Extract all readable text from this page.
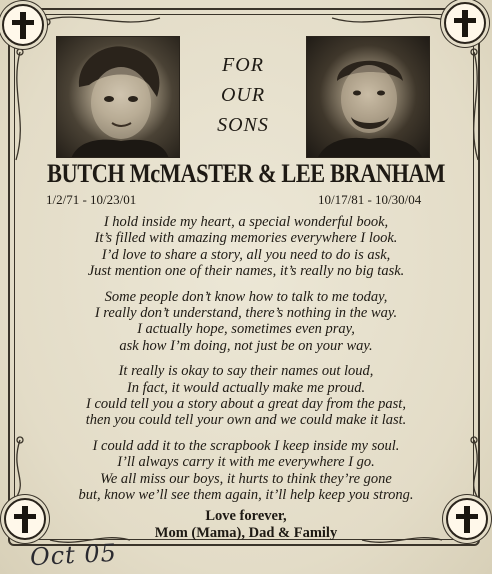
FOR
OUR
SONS
BUTCH McMASTER & LEE BRANHAM
1/2/71 - 10/23/01	10/17/81 - 10/30/04
I hold inside my heart, a special wonderful book,
It’s filled with amazing memories everywhere I look.
I’d love to share a story, all you need to do is ask,
Just mention one of their names, it’s really no big task.
Some people don’t know how to talk to me today,
I really don’t understand, there’s nothing in the way.
I actually hope, sometimes even pray,
ask how I’m doing, not just be on your way.
It really is okay to say their names out loud,
In fact, it would actually make me proud.
I could tell you a story about a great day from the past,
then you could tell your own and we could make it last.
I could add it to the scrapbook I keep inside my soul.
I’ll always carry it with me everywhere I go.
We all miss our boys, it hurts to think they’re gone
but, know we’ll see them again, it’ll help keep you strong.
Love forever,
Mom (Mama), Dad & Family
Oct 05
